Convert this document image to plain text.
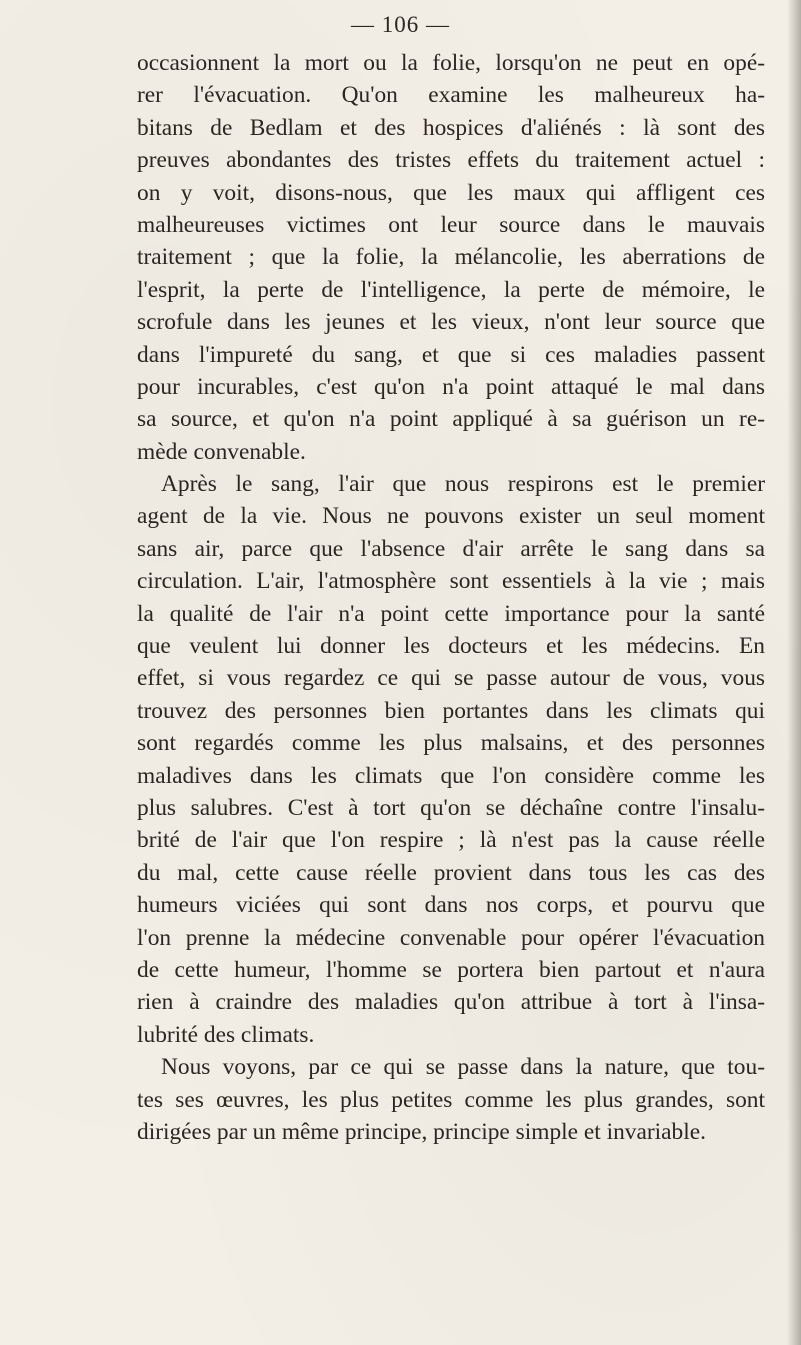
— 106 —
occasionnent la mort ou la folie, lorsqu'on ne peut en opé-
rer l'évacuation. Qu'on examine les malheureux ha-
bitans de Bedlam et des hospices d'aliénés : là sont des
preuves abondantes des tristes effets du traitement actuel :
on y voit, disons-nous, que les maux qui affligent ces
malheureuses victimes ont leur source dans le mauvais
traitement ; que la folie, la mélancolie, les aberrations de
l'esprit, la perte de l'intelligence, la perte de mémoire, le
scrofule dans les jeunes et les vieux, n'ont leur source que
dans l'impureté du sang, et que si ces maladies passent
pour incurables, c'est qu'on n'a point attaqué le mal dans
sa source, et qu'on n'a point appliqué à sa guérison un re-
mède convenable.
Après le sang, l'air que nous respirons est le premier
agent de la vie. Nous ne pouvons exister un seul moment
sans air, parce que l'absence d'air arrête le sang dans sa
circulation. L'air, l'atmosphère sont essentiels à la vie ; mais
la qualité de l'air n'a point cette importance pour la santé
que veulent lui donner les docteurs et les médecins. En
effet, si vous regardez ce qui se passe autour de vous, vous
trouvez des personnes bien portantes dans les climats qui
sont regardés comme les plus malsains, et des personnes
maladives dans les climats que l'on considère comme les
plus salubres. C'est à tort qu'on se déchaîne contre l'insalu-
brité de l'air que l'on respire ; là n'est pas la cause réelle
du mal, cette cause réelle provient dans tous les cas des
humeurs viciées qui sont dans nos corps, et pourvu que
l'on prenne la médecine convenable pour opérer l'évacuation
de cette humeur, l'homme se portera bien partout et n'aura
rien à craindre des maladies qu'on attribue à tort à l'insa-
lubrité des climats.
Nous voyons, par ce qui se passe dans la nature, que tou-
tes ses œuvres, les plus petites comme les plus grandes, sont
dirigées par un même principe, principe simple et invariable.
